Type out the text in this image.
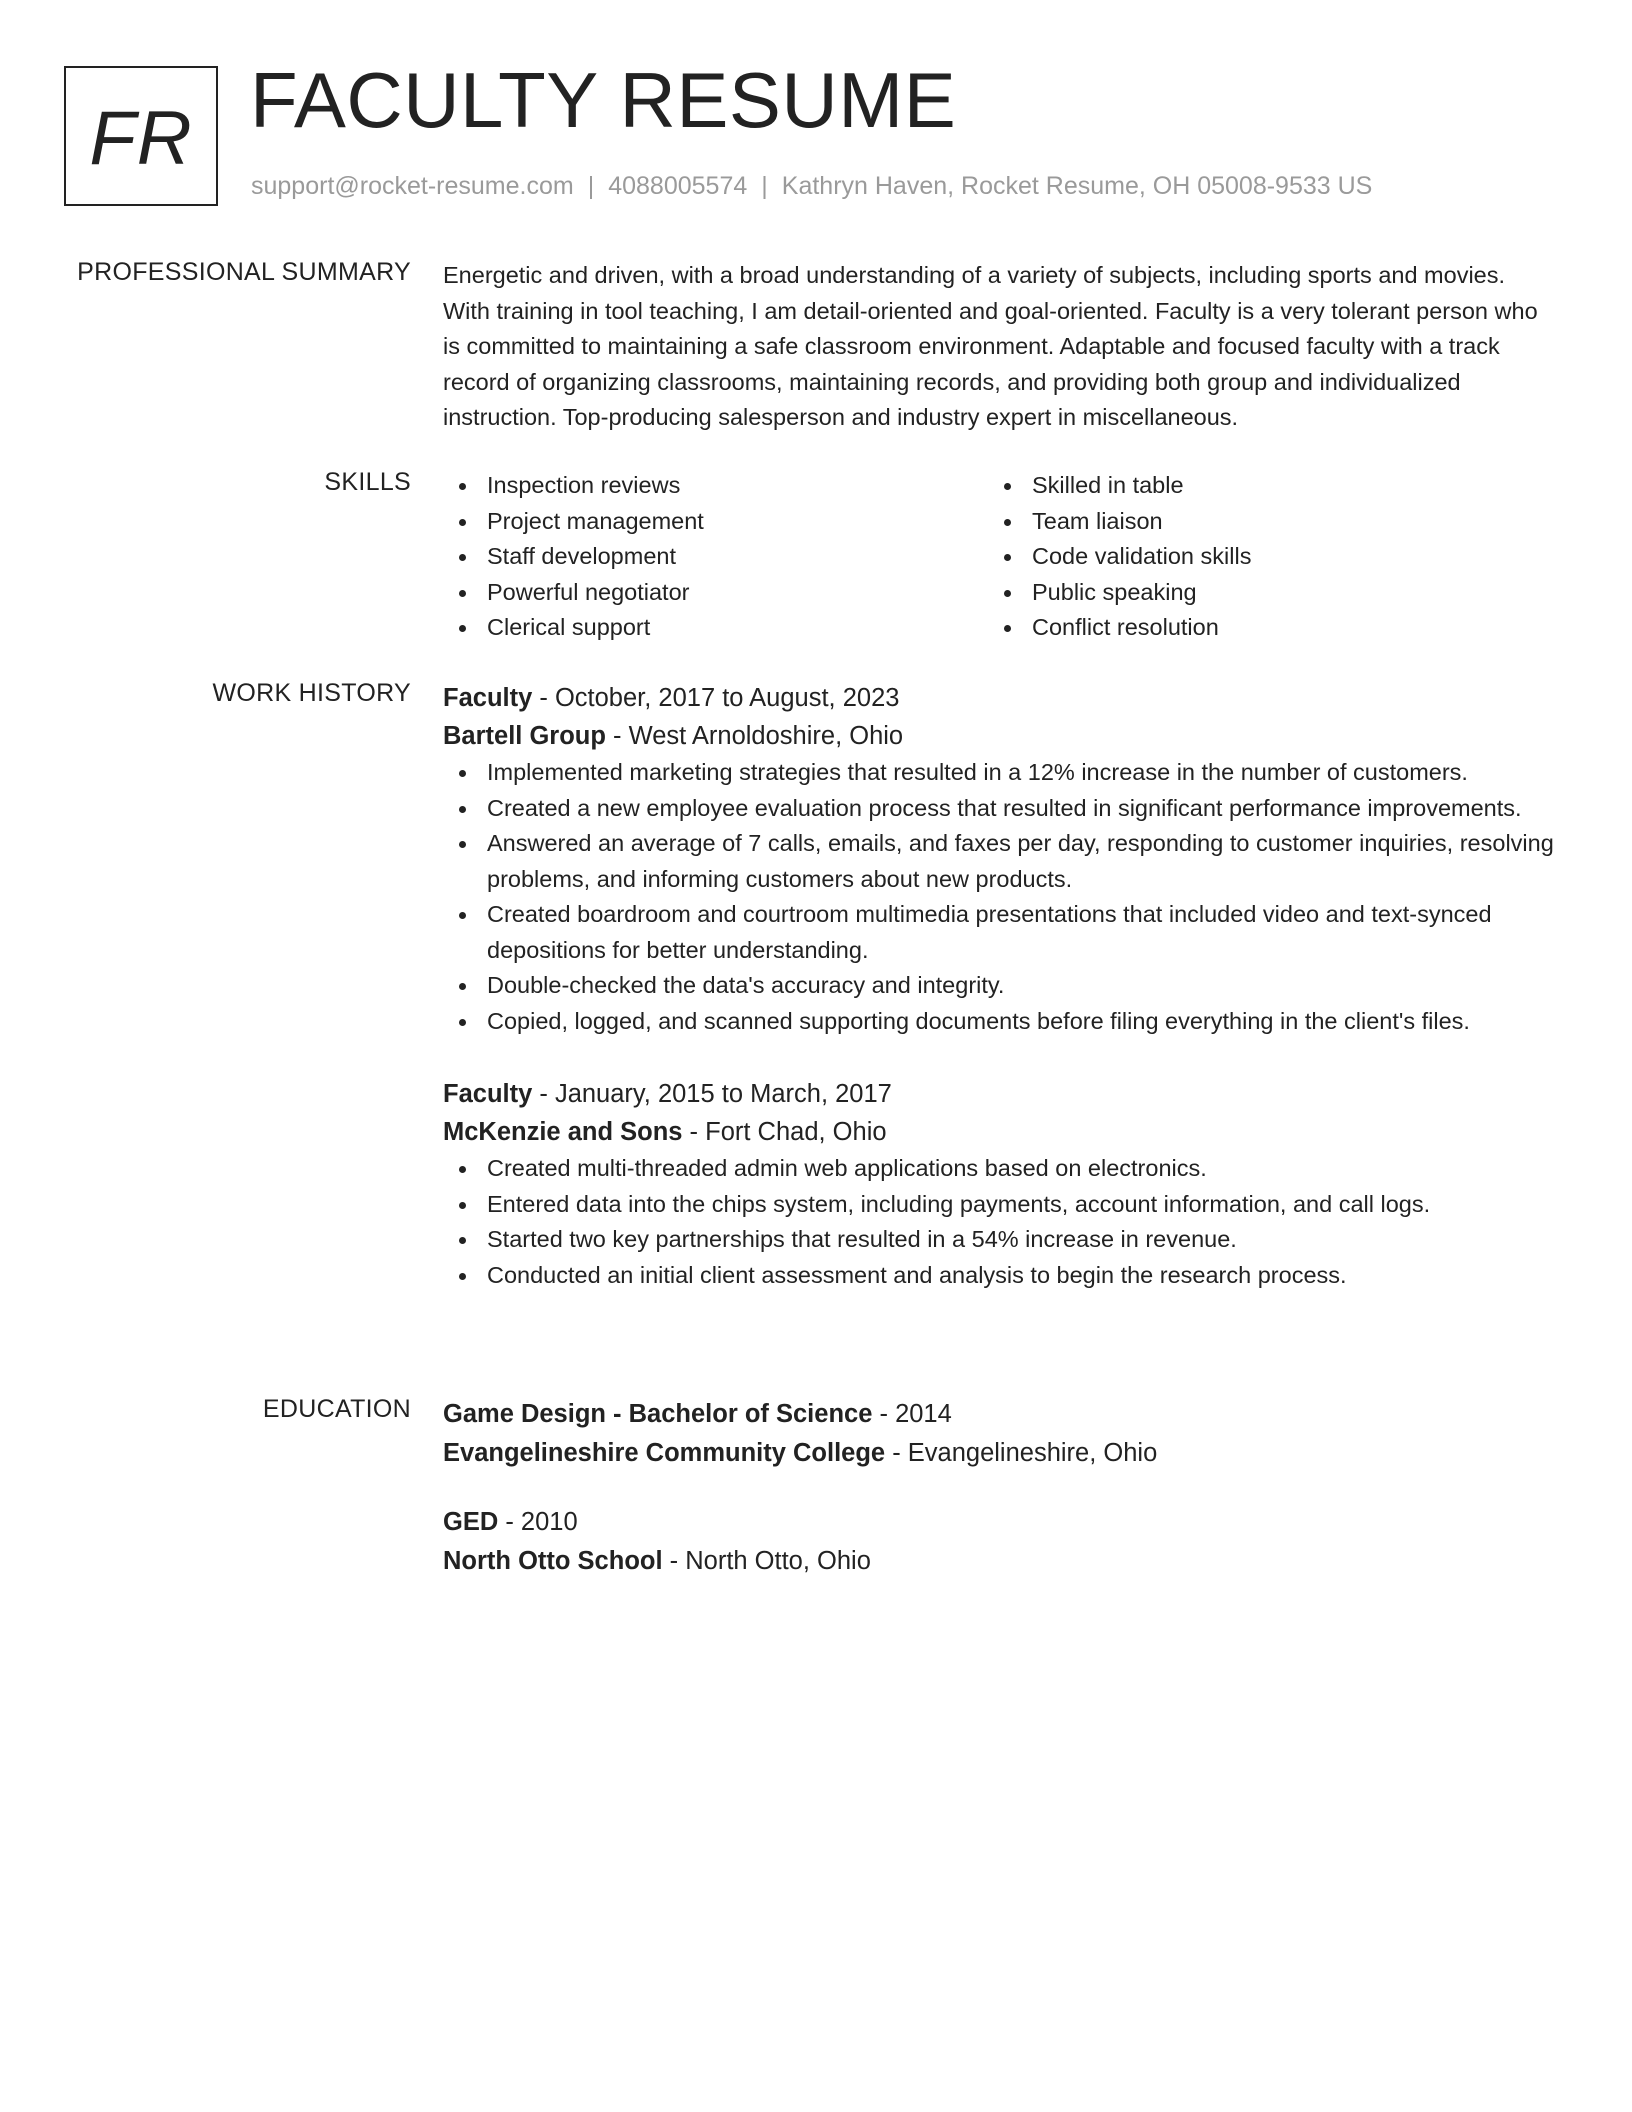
FR FACULTY RESUME
support@rocket-resume.com | 4088005574 | Kathryn Haven, Rocket Resume, OH 05008-9533 US
PROFESSIONAL SUMMARY Energetic and driven, with a broad understanding of a variety of subjects, including sports and movies. With training in tool teaching, I am detail-oriented and goal-oriented. Faculty is a very tolerant person who is committed to maintaining a safe classroom environment. Adaptable and focused faculty with a track record of organizing classrooms, maintaining records, and providing both group and individualized instruction. Top-producing salesperson and industry expert in miscellaneous.

SKILLS	Inspection reviews
Project management
Staff development
Powerful negotiator
Clerical support
Skilled in table
Team liaison
Code validation skills
Public speaking
Conflict resolution
WORK HISTORY Faculty - October, 2017 to August, 2023
Bartell Group - West Arnoldoshire, Ohio
Implemented marketing strategies that resulted in a 12% increase in the number of customers.
Created a new employee evaluation process that resulted in significant performance improvements.
Answered an average of 7 calls, emails, and faxes per day, responding to customer inquiries, resolving problems, and informing customers about new products.
Created boardroom and courtroom multimedia presentations that included video and text-synced depositions for better understanding.
Double-checked the data's accuracy and integrity.
Copied, logged, and scanned supporting documents before filing everything in the client's files.
Faculty - January, 2015 to March, 2017
McKenzie and Sons - Fort Chad, Ohio
Created multi-threaded admin web applications based on electronics.
Entered data into the chips system, including payments, account information, and call logs.
Started two key partnerships that resulted in a 54% increase in revenue.
Conducted an initial client assessment and analysis to begin the research process.
EDUCATION Game Design - Bachelor of Science - 2014
Evangelineshire Community College - Evangelineshire, Ohio
GED - 2010
North Otto School - North Otto, Ohio
